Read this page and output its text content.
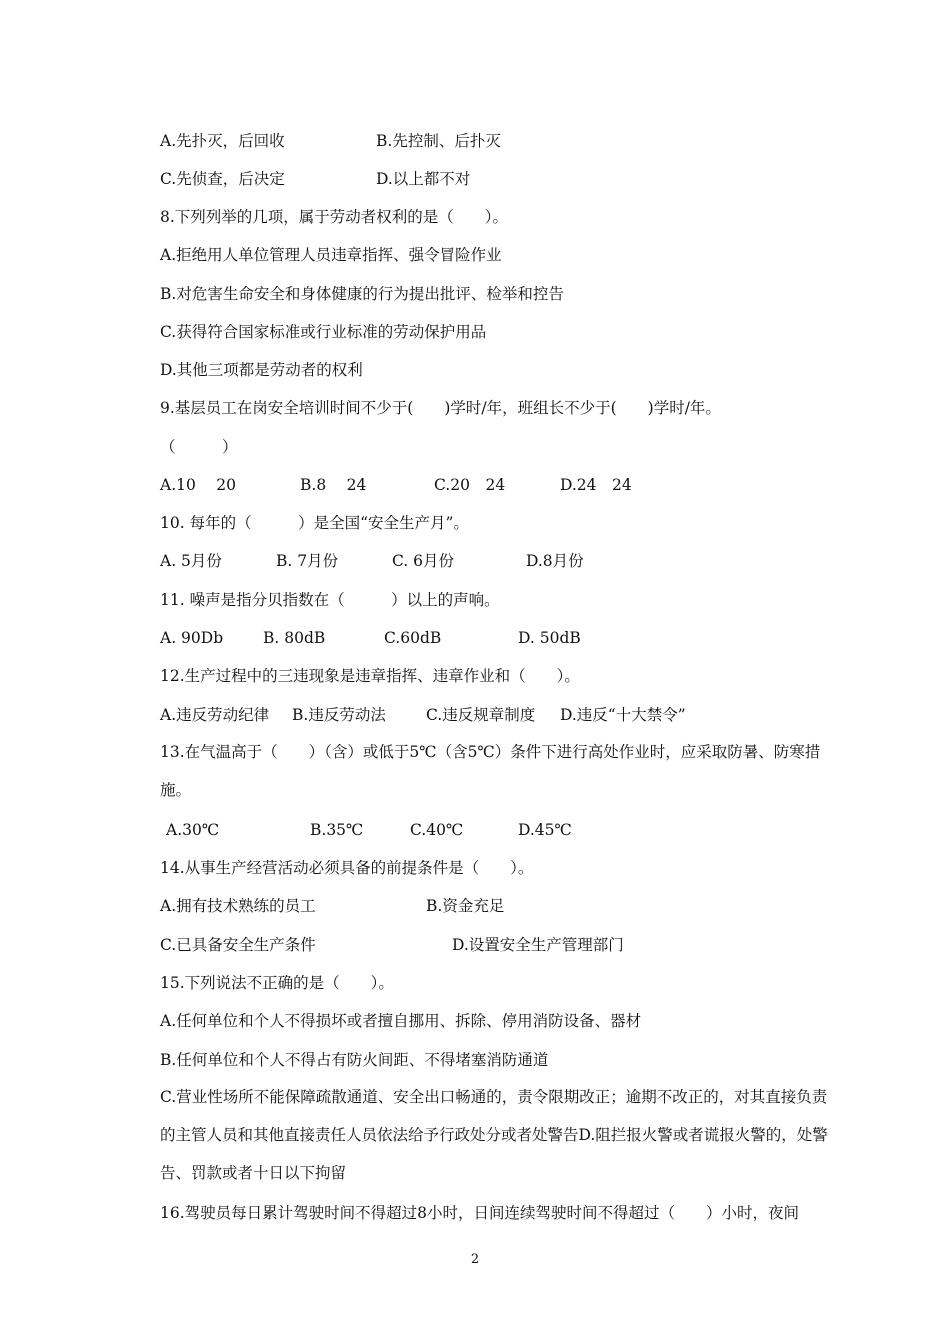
A.先扑灭，后回收

	B.先控制、后扑灭

C.先侦查，后决定

	D.以上都不对

8.下列列举的几项，属于劳动者权利的是（　　）。
A.拒绝用人单位管理人员违章指挥、强令冒险作业
B.对危害生命安全和身体健康的行为提出批评、检举和控告
C.获得符合国家标准或行业标准的劳动保护用品
D.其他三项都是劳动者的权利
9.基层员工在岗安全培训时间不少于(　　)学时/年，班组长不少于(　　)学时/年。
（　　　）

A.10　 20

	B.8　 24

	C.20　24

	D.24　24

10. 每年的（　　　）是全国“安全生产月”。

A. 5月份

	B. 7月份

	C. 6月份

	D.8月份

11. 噪声是指分贝指数在（　　　）以上的声响。

A. 90Db

	B. 80dB

	C.60dB

	D. 50dB

12.生产过程中的三违现象是违章指挥、违章作业和（　　）。

A.违反劳动纪律

B.违反劳动法

	C.违反规章制度

D.违反“十大禁令”

13.在气温高于（　　）（含）或低于5℃（含5℃）条件下进行高处作业时，应采取防暑、防寒措施。

A.30℃

	B.35℃

	C.40℃

	D.45℃

14.从事生产经营活动必须具备的前提条件是（　　）。

A.拥有技术熟练的员工

	B.资金充足

C.已具备安全生产条件

	D.设置安全生产管理部门

15.下列说法不正确的是（　　）。
A.任何单位和个人不得损坏或者擅自挪用、拆除、停用消防设备、器材
B.任何单位和个人不得占有防火间距、不得堵塞消防通道
C.营业性场所不能保障疏散通道、安全出口畅通的，责令限期改正；逾期不改正的，对其直接负责的主管人员和其他直接责任人员依法给予行政处分或者处警告D.阻拦报火警或者谎报火警的，处警告、罚款或者十日以下拘留
16.驾驶员每日累计驾驶时间不得超过8小时，日间连续驾驶时间不得超过（　　）小时，夜间
2
